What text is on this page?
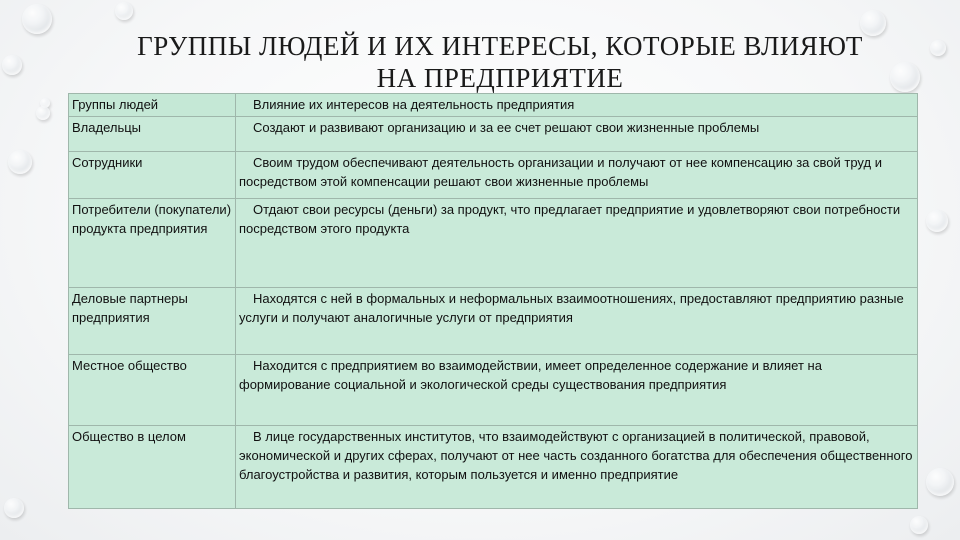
ГРУППЫ ЛЮДЕЙ И ИХ ИНТЕРЕСЫ, КОТОРЫЕ ВЛИЯЮТ НА ПРЕДПРИЯТИЕ
Группы людей	Влияние их интересов на деятельность предприятия
Владельцы	Создают и развивают организацию и за ее счет решают свои жизненные проблемы
Сотрудники	Своим трудом обеспечивают деятельность организации и получают от нее компенсацию за свой труд и посредством этой компенсации решают свои жизненные проблемы
Потребители (покупатели) продукта предприятия	Отдают свои ресурсы (деньги) за продукт, что предлагает предприятие и удовлетворяют свои потребности посредством этого продукта
Деловые партнеры предприятия	Находятся с ней в формальных и неформальных взаимоотношениях, предоставляют предприятию разные услуги и получают аналогичные услуги от предприятия
Местное общество	Находится с предприятием во взаимодействии, имеет определенное содержание и влияет на формирование социальной и экологической среды существования предприятия
Общество в целом	В лице государственных институтов, что взаимодействуют с организацией в политической, правовой, экономической и других сферах, получают от нее часть созданного богатства для обеспечения общественного благоустройства и развития, которым пользуется и именно предприятие
